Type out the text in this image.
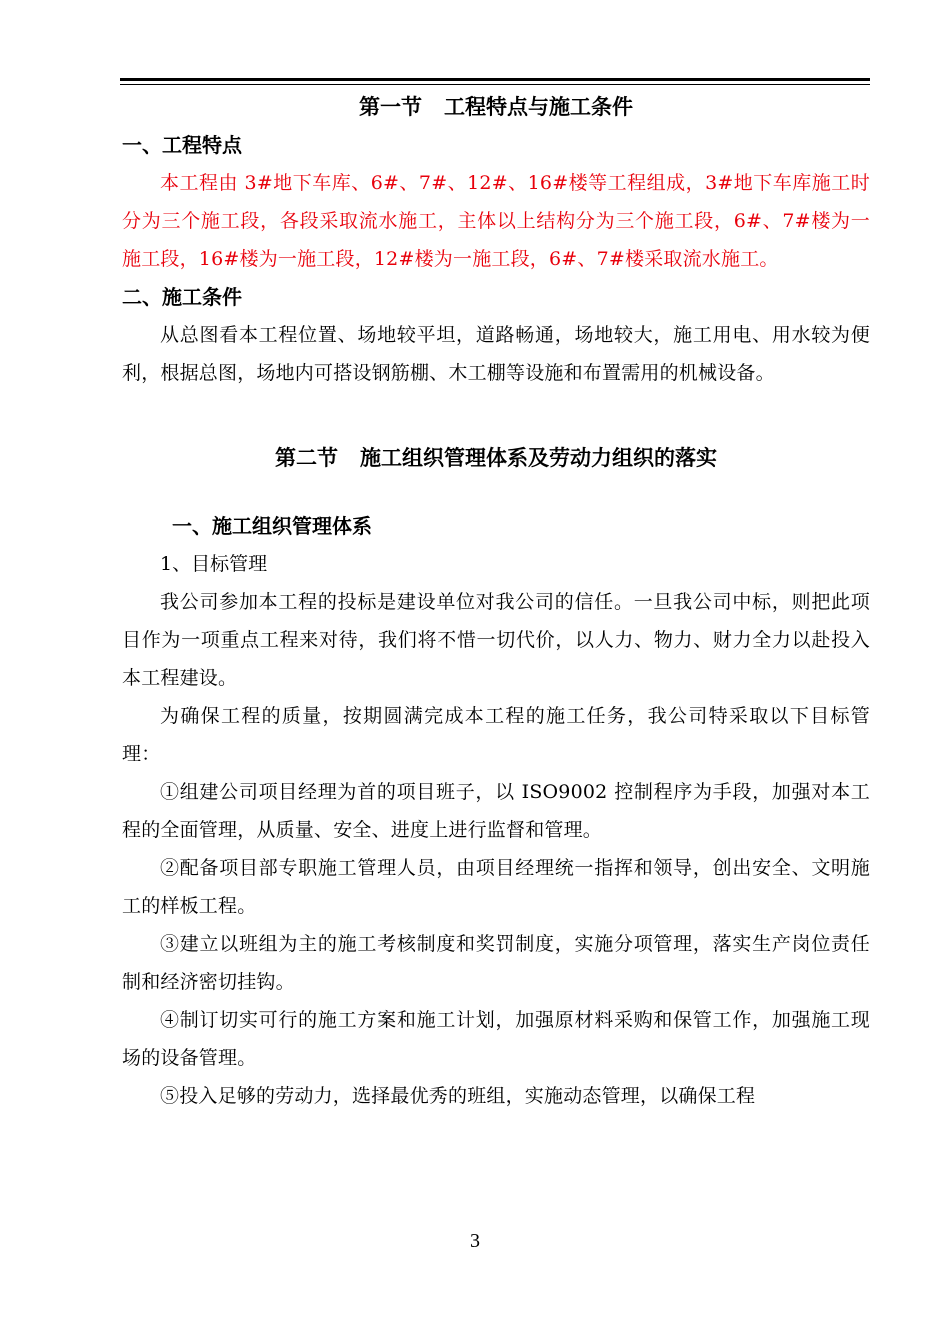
第一节   工程特点与施工条件
一、工程特点

本工程由 3#地下车库、6#、7#、12#、16#楼等工程组成，3#地下车库施工时分为三个施工段，各段采取流水施工，主体以上结构分为三个施工段，6#、7#楼为一施工段，16#楼为一施工段，12#楼为一施工段，6#、7#楼采取流水施工。

二、施工条件

从总图看本工程位置、场地较平坦，道路畅通，场地较大，施工用电、用水较为便利，根据总图，场地内可搭设钢筋棚、木工棚等设施和布置需用的机械设备。

第二节   施工组织管理体系及劳动力组织的落实
一、施工组织管理体系
1、目标管理

我公司参加本工程的投标是建设单位对我公司的信任。一旦我公司中标，则把此项目作为一项重点工程来对待，我们将不惜一切代价，以人力、物力、财力全力以赴投入本工程建设。

为确保工程的质量，按期圆满完成本工程的施工任务，我公司特采取以下目标管理：

①组建公司项目经理为首的项目班子，以 ISO9002 控制程序为手段，加强对本工程的全面管理，从质量、安全、进度上进行监督和管理。

②配备项目部专职施工管理人员，由项目经理统一指挥和领导，创出安全、文明施工的样板工程。

③建立以班组为主的施工考核制度和奖罚制度，实施分项管理，落实生产岗位责任制和经济密切挂钩。

④制订切实可行的施工方案和施工计划，加强原材料采购和保管工作，加强施工现场的设备管理。

⑤投入足够的劳动力，选择最优秀的班组，实施动态管理，以确保工程

3
